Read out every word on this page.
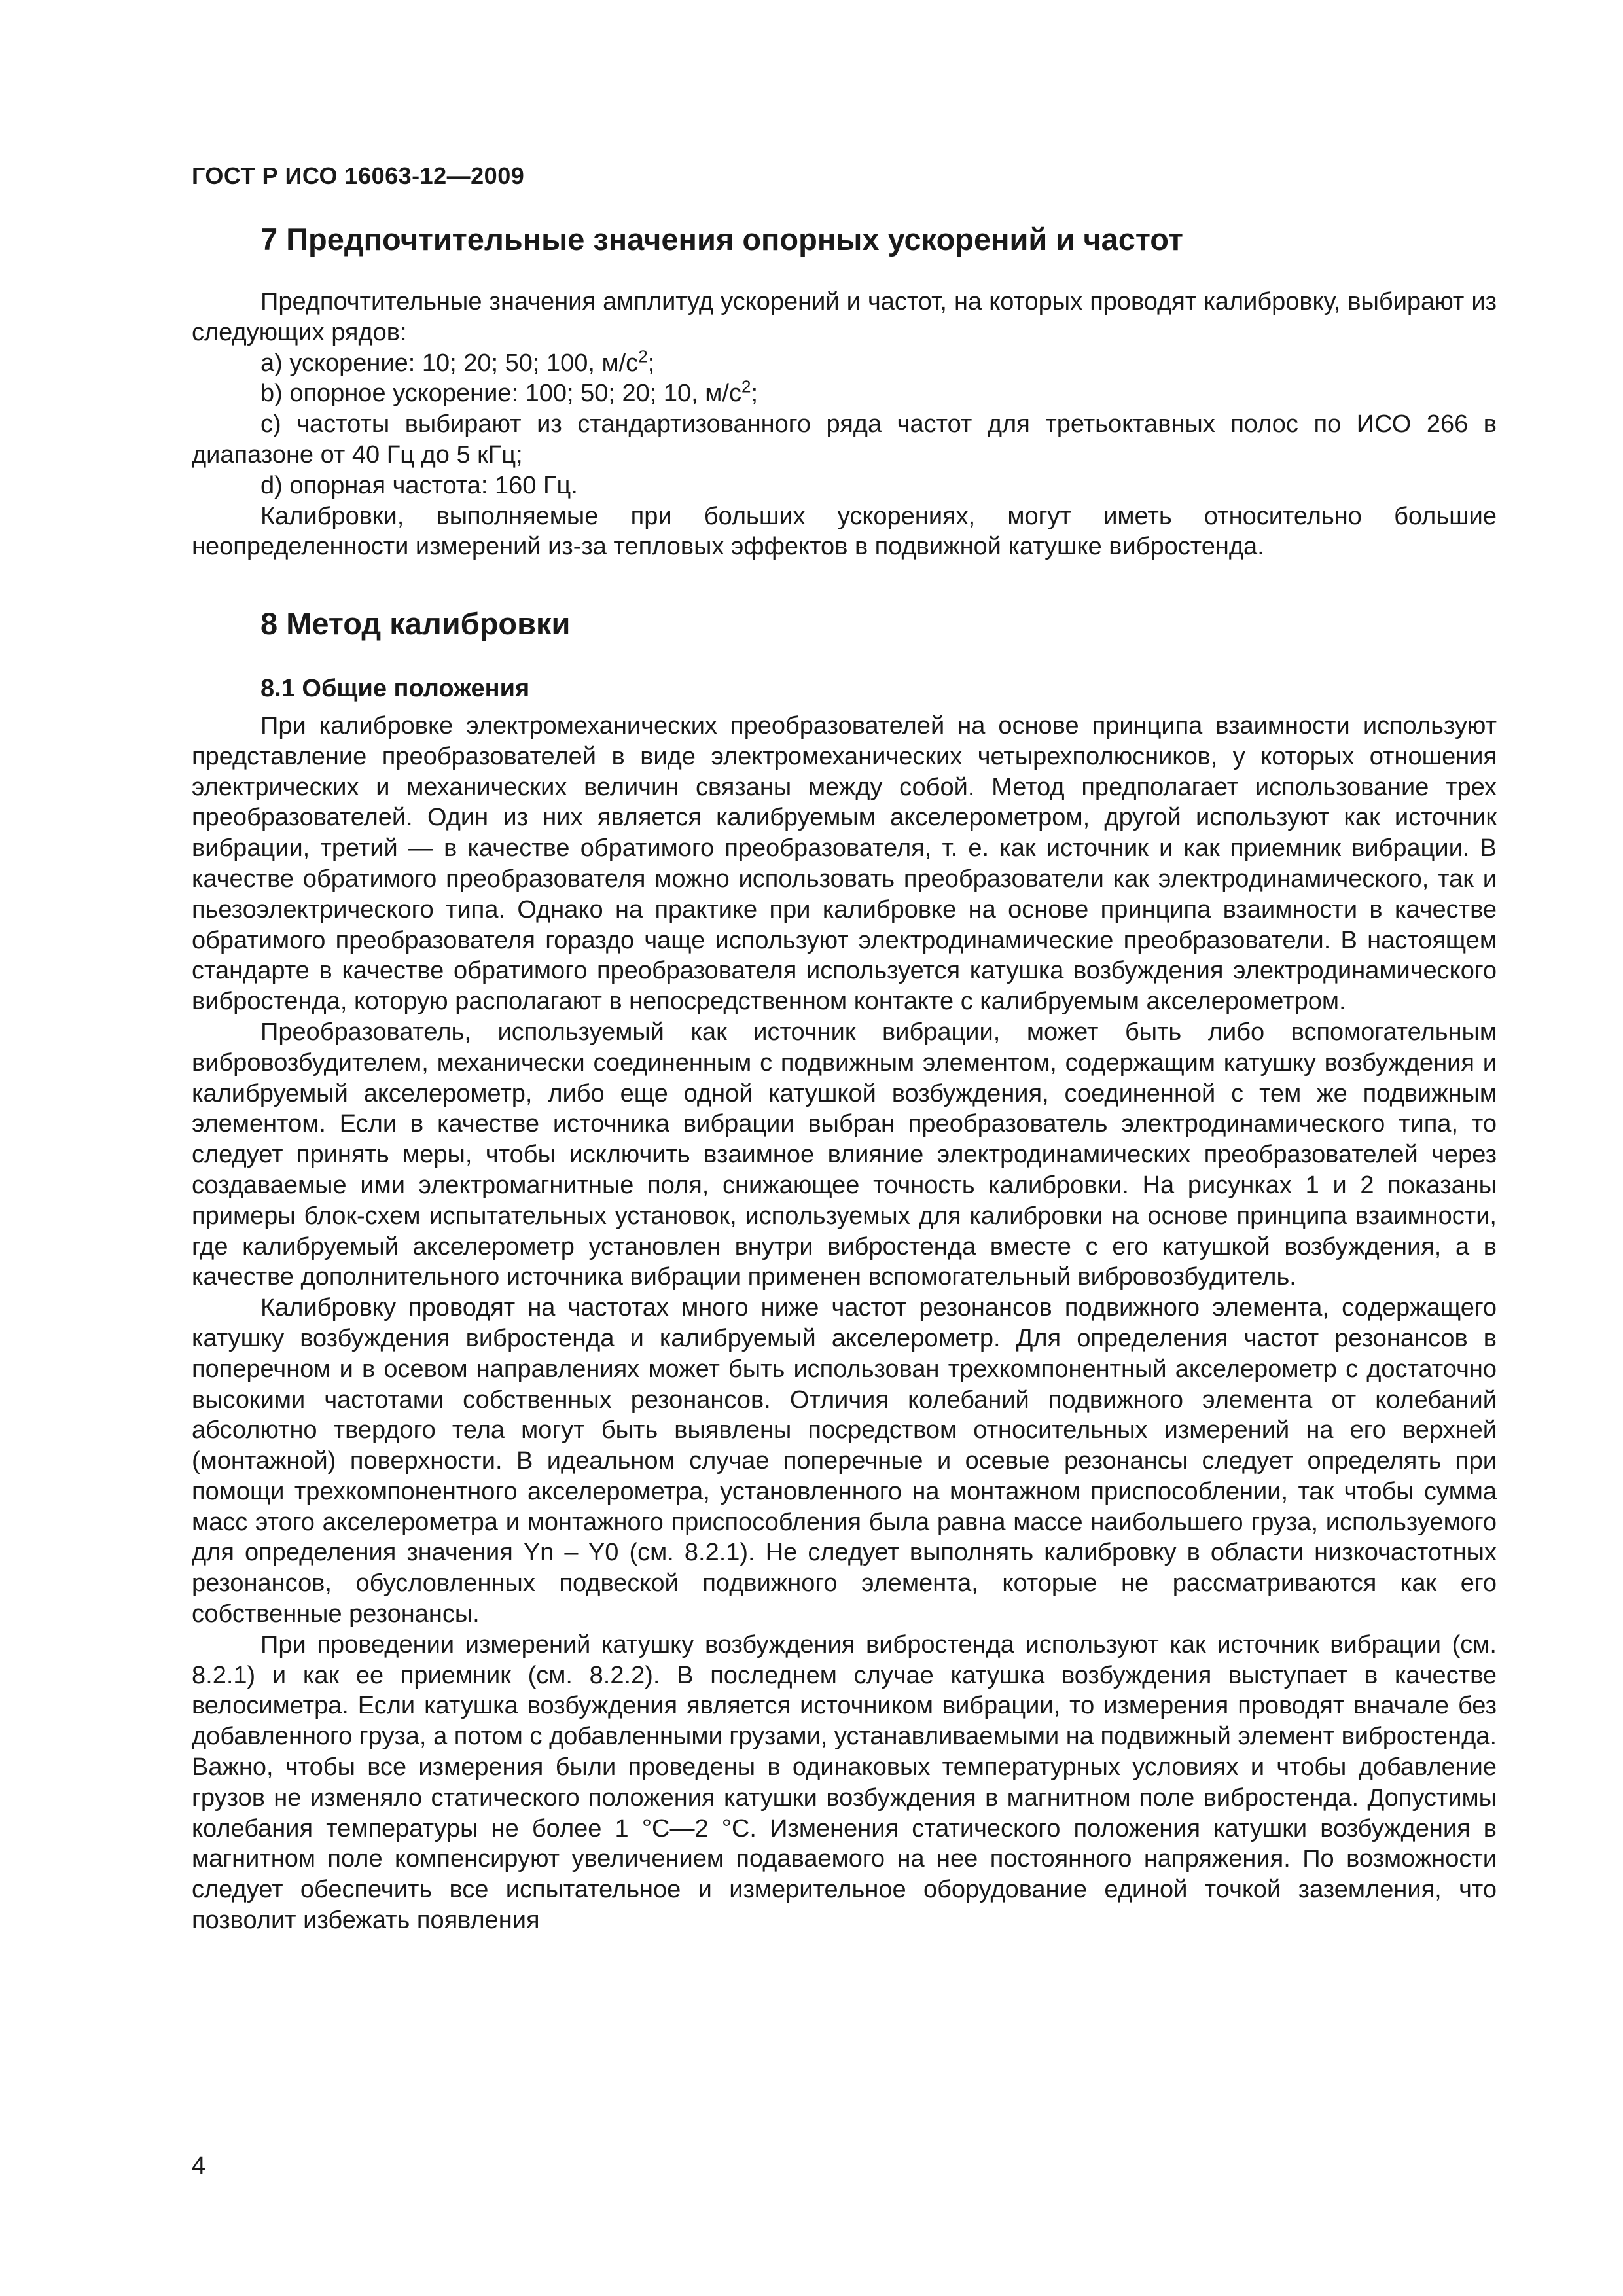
ГОСТ Р ИСО 16063-12—2009
7 Предпочтительные значения опорных ускорений и частот

Предпочтительные значения амплитуд ускорений и частот, на которых проводят калибровку, выбирают из следующих рядов:

a) ускорение: 10; 20; 50; 100, $м/с^2$;

b) опорное ускорение: 100; 50; 20; 10, $м/с^2$;

c) частоты выбирают из стандартизованного ряда частот для третьоктавных полос по ИСО 266 в диапазоне от 40 Гц до 5 кГц;

d) опорная частота: 160 Гц.

Калибровки, выполняемые при больших ускорениях, могут иметь относительно большие неопределенности измерений из-за тепловых эффектов в подвижной катушке вибростенда.

8 Метод калибровки
8.1 Общие положения

При калибровке электромеханических преобразователей на основе принципа взаимности используют представление преобразователей в виде электромеханических четырехполюсников, у которых отношения электрических и механических величин связаны между собой. Метод предполагает использование трех преобразователей. Один из них является калибруемым акселерометром, другой используют как источник вибрации, третий — в качестве обратимого преобразователя, т. е. как источник и как приемник вибрации. В качестве обратимого преобразователя можно использовать преобразователи как электродинамического, так и пьезоэлектрического типа. Однако на практике при калибровке на основе принципа взаимности в качестве обратимого преобразователя гораздо чаще используют электродинамические преобразователи. В настоящем стандарте в качестве обратимого преобразователя используется катушка возбуждения электродинамического вибростенда, которую располагают в непосредственном контакте с калибруемым акселерометром.

Преобразователь, используемый как источник вибрации, может быть либо вспомогательным вибровозбудителем, механически соединенным с подвижным элементом, содержащим катушку возбуждения и калибруемый акселерометр, либо еще одной катушкой возбуждения, соединенной с тем же подвижным элементом. Если в качестве источника вибрации выбран преобразователь электродинамического типа, то следует принять меры, чтобы исключить взаимное влияние электродинамических преобразователей через создаваемые ими электромагнитные поля, снижающее точность калибровки. На рисунках 1 и 2 показаны примеры блок-схем испытательных установок, используемых для калибровки на основе принципа взаимности, где калибруемый акселерометр установлен внутри вибростенда вместе с его катушкой возбуждения, а в качестве дополнительного источника вибрации применен вспомогательный вибровозбудитель.

Калибровку проводят на частотах много ниже частот резонансов подвижного элемента, содержащего катушку возбуждения вибростенда и калибруемый акселерометр. Для определения частот резонансов в поперечном и в осевом направлениях может быть использован трехкомпонентный акселерометр с достаточно высокими частотами собственных резонансов. Отличия колебаний подвижного элемента от колебаний абсолютно твердого тела могут быть выявлены посредством относительных измерений на его верхней (монтажной) поверхности. В идеальном случае поперечные и осевые резонансы следует определять при помощи трехкомпонентного акселерометра, установленного на монтажном приспособлении, так чтобы сумма масс этого акселерометра и монтажного приспособления была равна массе наибольшего груза, используемого для определения значения Yn – Y0 (см. 8.2.1). Не следует выполнять калибровку в области низкочастотных резонансов, обусловленных подвеской подвижного элемента, которые не рассматриваются как его собственные резонансы.

При проведении измерений катушку возбуждения вибростенда используют как источник вибрации (см. 8.2.1) и как ее приемник (см. 8.2.2). В последнем случае катушка возбуждения выступает в качестве велосиметра. Если катушка возбуждения является источником вибрации, то измерения проводят вначале без добавленного груза, а потом с добавленными грузами, устанавливаемыми на подвижный элемент вибростенда. Важно, чтобы все измерения были проведены в одинаковых температурных условиях и чтобы добавление грузов не изменяло статического положения катушки возбуждения в магнитном поле вибростенда. Допустимы колебания температуры не более 1 °С—2 °С. Изменения статического положения катушки возбуждения в магнитном поле компенсируют увеличением подаваемого на нее постоянного напряжения. По возможности следует обеспечить все испытательное и измерительное оборудование единой точкой заземления, что позволит избежать появления

4
